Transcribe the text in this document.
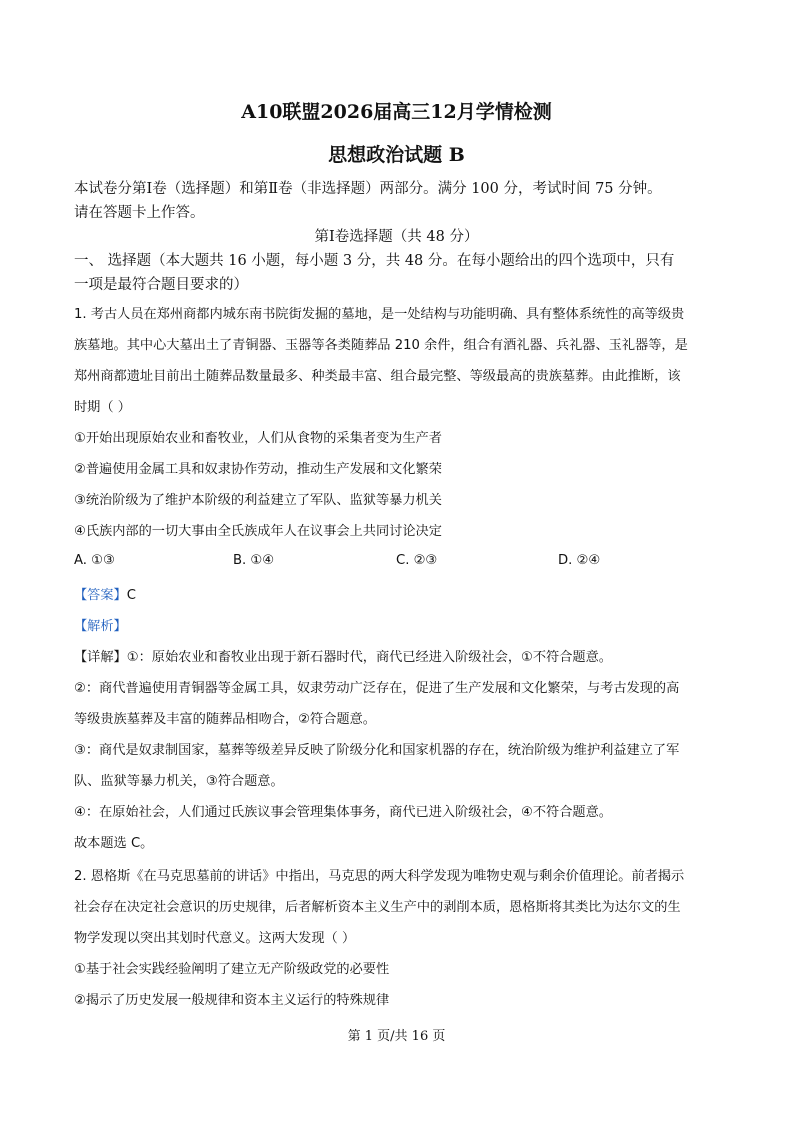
A10联盟2026届高三12月学情检测
思想政治试题 B
本试卷分第Ⅰ卷（选择题）和第Ⅱ卷（非选择题）两部分。满分 100 分，考试时间 75 分钟。
请在答题卡上作答。
第Ⅰ卷选择题（共 48 分）
一、 选择题（本大题共 16 小题，每小题 3 分，共 48 分。在每小题给出的四个选项中，只有
一项是最符合题目要求的）
1. 考古人员在郑州商都内城东南书院街发掘的墓地，是一处结构与功能明确、具有整体系统性的高等级贵
族墓地。其中心大墓出土了青铜器、玉器等各类随葬品 210 余件，组合有酒礼器、兵礼器、玉礼器等，是
郑州商都遗址目前出土随葬品数量最多、种类最丰富、组合最完整、等级最高的贵族墓葬。由此推断，该
时期（ ）
①开始出现原始农业和畜牧业，人们从食物的采集者变为生产者
②普遍使用金属工具和奴隶协作劳动，推动生产发展和文化繁荣
③统治阶级为了维护本阶级的利益建立了军队、监狱等暴力机关
④氏族内部的一切大事由全氏族成年人在议事会上共同讨论决定
A. ①③	B. ①④	C. ②③	D. ②④
【答案】C
【解析】
【详解】①：原始农业和畜牧业出现于新石器时代，商代已经进入阶级社会，①不符合题意。
②：商代普遍使用青铜器等金属工具，奴隶劳动广泛存在，促进了生产发展和文化繁荣，与考古发现的高
等级贵族墓葬及丰富的随葬品相吻合，②符合题意。
③：商代是奴隶制国家，墓葬等级差异反映了阶级分化和国家机器的存在，统治阶级为维护利益建立了军
队、监狱等暴力机关，③符合题意。
④：在原始社会，人们通过氏族议事会管理集体事务，商代已进入阶级社会，④不符合题意。
故本题选 C。
2. 恩格斯《在马克思墓前的讲话》中指出，马克思的两大科学发现为唯物史观与剩余价值理论。前者揭示
社会存在决定社会意识的历史规律，后者解析资本主义生产中的剥削本质，恩格斯将其类比为达尔文的生
物学发现以突出其划时代意义。这两大发现（ ）
①基于社会实践经验阐明了建立无产阶级政党的必要性
②揭示了历史发展一般规律和资本主义运行的特殊规律
第 1 页/共 16 页
